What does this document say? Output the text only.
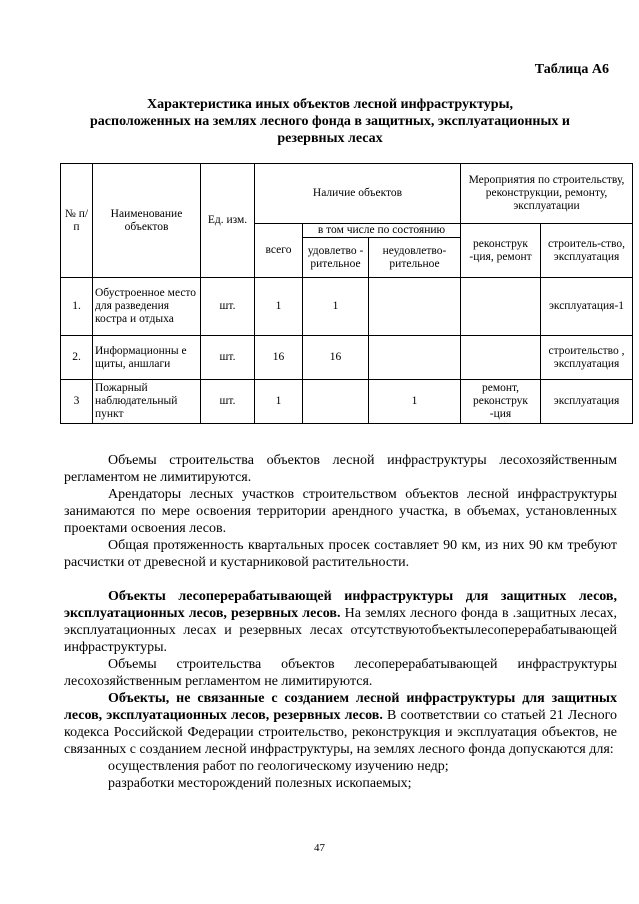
Таблица А6
Характеристика иных объектов лесной инфраструктуры,
расположенных на землях лесного фонда в защитных, эксплуатационных и
резервных лесах
№ п/п	Наименование объектов	Ед. изм.	Наличие объектов			Мероприятия по строительству, реконструкции, ремонту, эксплуатации	
			всего	в том числе по состоянию		реконструк -ция, ремонт	строитель-ство, эксплуатация
				удовлетво - рительное	неудовлетво-рительное		
1.	Обустроенное место для разведения костра и отдыха	шт.	1	1			эксплуатация-1
2.	Информационны е щиты, аншлаги	шт.	16	16			строительство , эксплуатация
3	Пожарный наблюдательный пункт	шт.	1		1	ремонт, реконструк -ция	эксплуатация

Объемы строительства объектов лесной инфраструктуры лесохозяйственным регламентом не лимитируются.

Арендаторы лесных участков строительством объектов лесной инфраструктуры занимаются по мере освоения территории арендного участка, в объемах, установленных проектами освоения лесов.

Общая протяженность квартальных просек составляет 90 км, из них 90 км требуют расчистки от древесной и кустарниковой растительности.

Объекты лесоперерабатывающей инфраструктуры для защитных лесов, эксплуатационных лесов, резервных лесов. На землях лесного фонда в .защитных лесах, эксплуатационных лесах и резервных лесах отсутствуютобъектылесоперерабатывающей инфраструктуры.

Объемы строительства объектов лесоперерабатывающей инфраструктуры лесохозяйственным регламентом не лимитируются.

Объекты, не связанные с созданием лесной инфраструктуры для защитных лесов, эксплуатационных лесов, резервных лесов. В соответствии со статьей 21 Лесного кодекса Российской Федерации строительство, реконструкция и эксплуатация объектов, не связанных с созданием лесной инфраструктуры, на землях лесного фонда допускаются для:

осуществления работ по геологическому изучению недр;

разработки месторождений полезных ископаемых;

47
